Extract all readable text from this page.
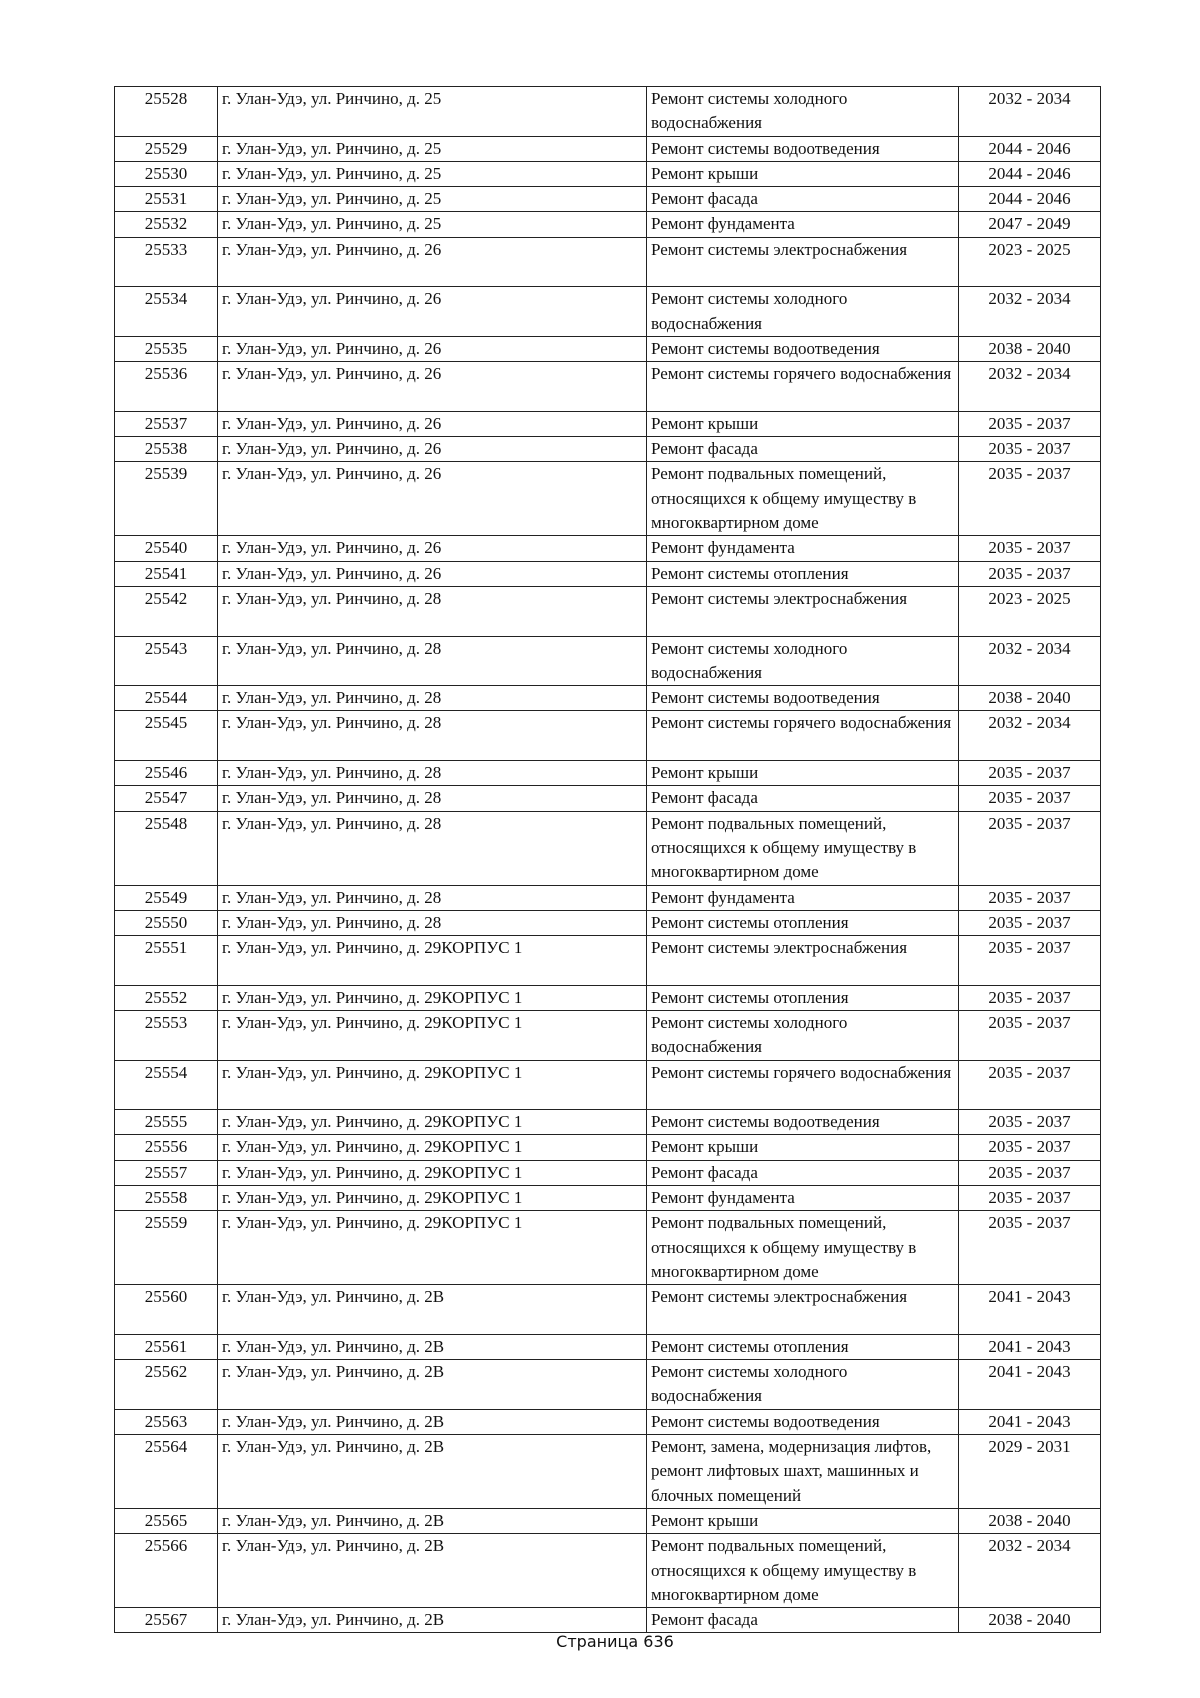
25528	г. Улан-Удэ, ул. Ринчино, д. 25	Ремонт системы холодного водоснабжения	2032 - 2034
25529	г. Улан-Удэ, ул. Ринчино, д. 25	Ремонт системы водоотведения	2044 - 2046
25530	г. Улан-Удэ, ул. Ринчино, д. 25	Ремонт крыши	2044 - 2046
25531	г. Улан-Удэ, ул. Ринчино, д. 25	Ремонт фасада	2044 - 2046
25532	г. Улан-Удэ, ул. Ринчино, д. 25	Ремонт фундамента	2047 - 2049
25533	г. Улан-Удэ, ул. Ринчино, д. 26	Ремонт системы электроснабжения	2023 - 2025
25534	г. Улан-Удэ, ул. Ринчино, д. 26	Ремонт системы холодного водоснабжения	2032 - 2034
25535	г. Улан-Удэ, ул. Ринчино, д. 26	Ремонт системы водоотведения	2038 - 2040
25536	г. Улан-Удэ, ул. Ринчино, д. 26	Ремонт системы горячего водоснабжения	2032 - 2034
25537	г. Улан-Удэ, ул. Ринчино, д. 26	Ремонт крыши	2035 - 2037
25538	г. Улан-Удэ, ул. Ринчино, д. 26	Ремонт фасада	2035 - 2037
25539	г. Улан-Удэ, ул. Ринчино, д. 26	Ремонт подвальных помещений, относящихся к общему имуществу в многоквартирном доме	2035 - 2037
25540	г. Улан-Удэ, ул. Ринчино, д. 26	Ремонт фундамента	2035 - 2037
25541	г. Улан-Удэ, ул. Ринчино, д. 26	Ремонт системы отопления	2035 - 2037
25542	г. Улан-Удэ, ул. Ринчино, д. 28	Ремонт системы электроснабжения	2023 - 2025
25543	г. Улан-Удэ, ул. Ринчино, д. 28	Ремонт системы холодного водоснабжения	2032 - 2034
25544	г. Улан-Удэ, ул. Ринчино, д. 28	Ремонт системы водоотведения	2038 - 2040
25545	г. Улан-Удэ, ул. Ринчино, д. 28	Ремонт системы горячего водоснабжения	2032 - 2034
25546	г. Улан-Удэ, ул. Ринчино, д. 28	Ремонт крыши	2035 - 2037
25547	г. Улан-Удэ, ул. Ринчино, д. 28	Ремонт фасада	2035 - 2037
25548	г. Улан-Удэ, ул. Ринчино, д. 28	Ремонт подвальных помещений, относящихся к общему имуществу в многоквартирном доме	2035 - 2037
25549	г. Улан-Удэ, ул. Ринчино, д. 28	Ремонт фундамента	2035 - 2037
25550	г. Улан-Удэ, ул. Ринчино, д. 28	Ремонт системы отопления	2035 - 2037
25551	г. Улан-Удэ, ул. Ринчино, д. 29КОРПУС 1	Ремонт системы электроснабжения	2035 - 2037
25552	г. Улан-Удэ, ул. Ринчино, д. 29КОРПУС 1	Ремонт системы отопления	2035 - 2037
25553	г. Улан-Удэ, ул. Ринчино, д. 29КОРПУС 1	Ремонт системы холодного водоснабжения	2035 - 2037
25554	г. Улан-Удэ, ул. Ринчино, д. 29КОРПУС 1	Ремонт системы горячего водоснабжения	2035 - 2037
25555	г. Улан-Удэ, ул. Ринчино, д. 29КОРПУС 1	Ремонт системы водоотведения	2035 - 2037
25556	г. Улан-Удэ, ул. Ринчино, д. 29КОРПУС 1	Ремонт крыши	2035 - 2037
25557	г. Улан-Удэ, ул. Ринчино, д. 29КОРПУС 1	Ремонт фасада	2035 - 2037
25558	г. Улан-Удэ, ул. Ринчино, д. 29КОРПУС 1	Ремонт фундамента	2035 - 2037
25559	г. Улан-Удэ, ул. Ринчино, д. 29КОРПУС 1	Ремонт подвальных помещений, относящихся к общему имуществу в многоквартирном доме	2035 - 2037
25560	г. Улан-Удэ, ул. Ринчино, д. 2В	Ремонт системы электроснабжения	2041 - 2043
25561	г. Улан-Удэ, ул. Ринчино, д. 2В	Ремонт системы отопления	2041 - 2043
25562	г. Улан-Удэ, ул. Ринчино, д. 2В	Ремонт системы холодного водоснабжения	2041 - 2043
25563	г. Улан-Удэ, ул. Ринчино, д. 2В	Ремонт системы водоотведения	2041 - 2043
25564	г. Улан-Удэ, ул. Ринчино, д. 2В	Ремонт, замена, модернизация лифтов, ремонт лифтовых шахт, машинных и блочных помещений	2029 - 2031
25565	г. Улан-Удэ, ул. Ринчино, д. 2В	Ремонт крыши	2038 - 2040
25566	г. Улан-Удэ, ул. Ринчино, д. 2В	Ремонт подвальных помещений, относящихся к общему имуществу в многоквартирном доме	2032 - 2034
25567	г. Улан-Удэ, ул. Ринчино, д. 2В	Ремонт фасада	2038 - 2040
Страница 636
